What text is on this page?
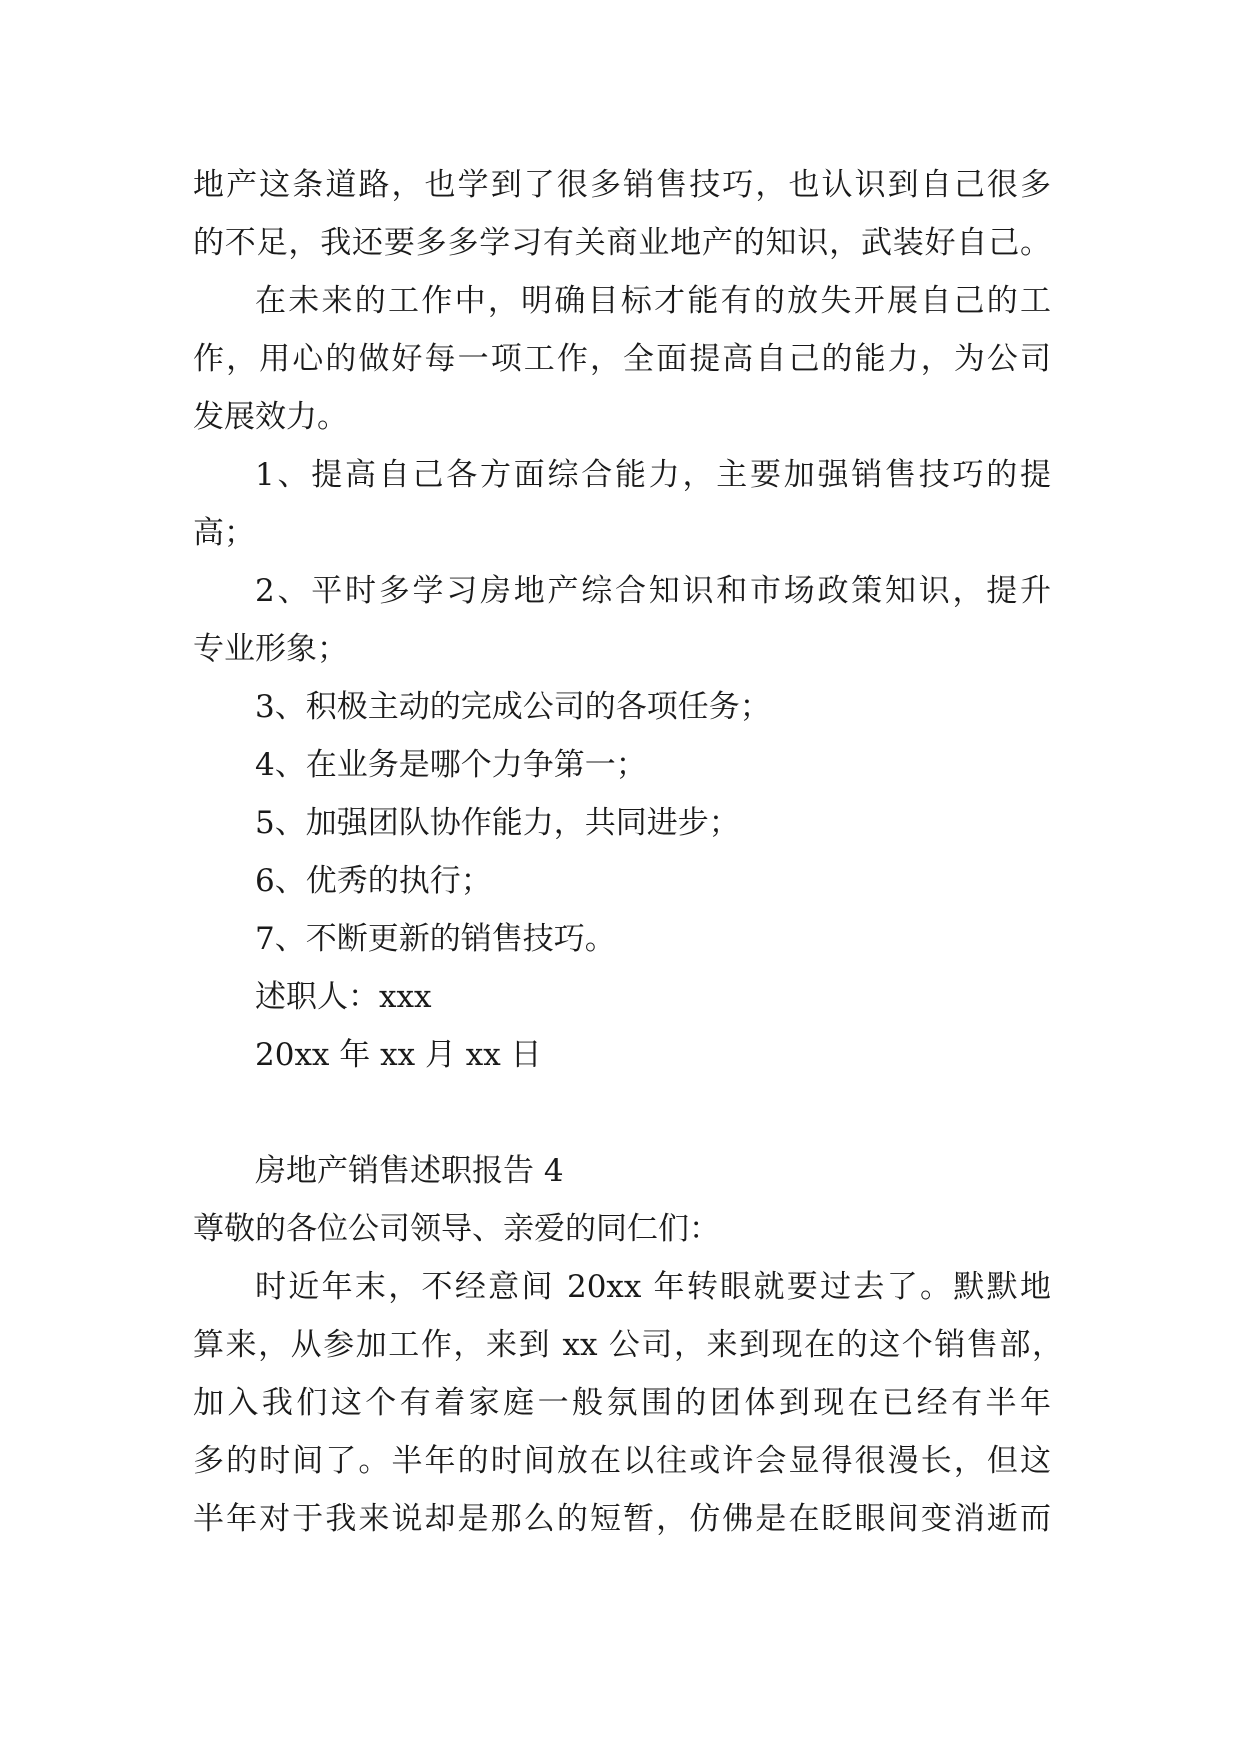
地产这条道路，也学到了很多销售技巧，也认识到自己很多
的不足，我还要多多学习有关商业地产的知识，武装好自己。
在未来的工作中，明确目标才能有的放失开展自己的工
作，用心的做好每一项工作，全面提高自己的能力，为公司
发展效力。
1、提高自己各方面综合能力，主要加强销售技巧的提
高；
2、平时多学习房地产综合知识和市场政策知识，提升
专业形象；
3、积极主动的完成公司的各项任务；
4、在业务是哪个力争第一；
5、加强团队协作能力，共同进步；
6、优秀的执行；
7、不断更新的销售技巧。
述职人：xxx
20xx 年 xx 月 xx 日
房地产销售述职报告 4
尊敬的各位公司领导、亲爱的同仁们：
时近年末，不经意间 20xx 年转眼就要过去了。默默地
算来，从参加工作，来到 xx 公司，来到现在的这个销售部，
加入我们这个有着家庭一般氛围的团体到现在已经有半年
多的时间了。半年的时间放在以往或许会显得很漫长，但这
半年对于我来说却是那么的短暂，仿佛是在眨眼间变消逝而
